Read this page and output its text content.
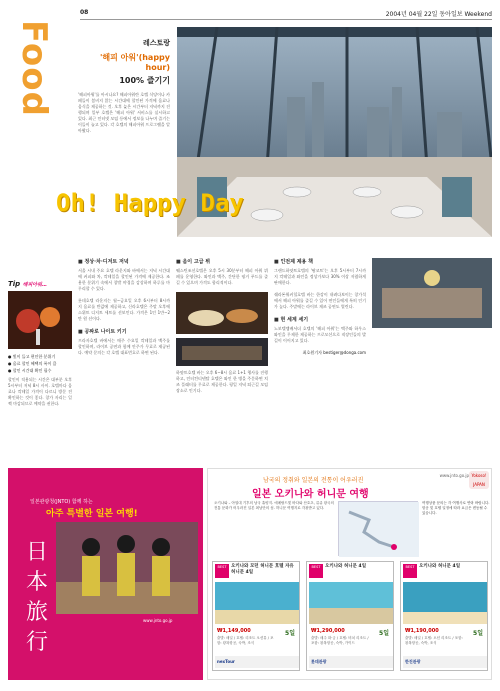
08	2004년 04월 22일 동아일보 Weekend
Food	레스토랑
'해피 아워'(happy hour)
100% 즐기기
'해피아워'를 아시나요? 해피아워란 호텔 식당이나 카페들이 붐비지 않는 시간대에 할인된 가격에 음료나 음식을 제공하는 것. 오후 늦은 시간부터 저녁까지 진행되며 일부 호텔은 '해피 아워' 서비스를 실시하고 있다. 최근 인터넷 모임 등에서 정보를 나누며 즐기는 이들이 늘고 있다. 각 호텔의 해피아워 프로그램을 알아봤다.
Oh! Happy Day
Tip 해피아워…
● 빛이 들고 편안한 분위기
● 음료 할인 혜택의 폭이 큼
● 할인 시간대 확인 필수
할인이 적용되는 시간은 대부분 오후 5시부터 저녁 8시 사이. 호텔마다 음료나 칵테일 가격이 다르니 방문 전 확인하는 것이 좋다. 창가 자리는 일찍 마감되므로 예약을 권한다.
■ 정상·차·디저트 저녁
서울 시내 주요 호텔 라운지와 바에서는 저녁 시간대에 커피와 차, 칵테일을 할인된 가격에 제공한다. 조용한 분위기 속에서 창밖 야경을 감상하며 하루를 마무리할 수 있다.
롯데호텔 라운지는 월∼금요일 오후 6시부터 8시까지 음료를 반값에 제공하고, 신라호텔은 주말 오후에 스위트 디저트 세트를 선보인다. 가격은 1인 1만∼2만 원 선이다.
■ 공짜로 나이트 키기
프라자호텔 바에서는 매주 수요일 칵테일과 맥주를 할인하며, 라이브 공연과 함께 안주가 무료로 제공된다. 예약 문의는 각 호텔 대표번호로 하면 된다.
■ 음이 고급 뷔
웨스틴조선호텔은 오후 5시 30분부터 해피 아워 뷔페를 운영한다. 와인과 맥주, 간단한 핑거 푸드를 즐길 수 있으며 가격도 합리적이다.
하얏트호텔 바는 오후 6∼8시 음료 1+1 행사를 진행하고, 인터컨티넨탈 호텔은 와인 한 병을 주문하면 치즈 플래터를 무료로 제공한다. 평일 저녁 퇴근길 모임 장소로 인기다.
■ 인전제 제용 책
그랜드하얏트호텔의 '팜코트'는 오후 5시부터 7시까지 칵테일과 와인을 정상가보다 30% 이상 저렴하게 판매한다.
쉐라톤워커힐호텔 바는 한강이 내려다보이는 창가석에서 해피 아워를 즐길 수 있어 연인들에게 특히 인기가 높다. 주말에는 라이브 재즈 공연도 열린다.
■ 현 세계 세기
노보텔앰배서더 호텔의 '해피 아워'는 맥주와 하우스 와인을 무제한 제공하는 프로모션으로 직장인들의 발길이 이어지고 있다.
최호원기자 bestiger@donga.com
일본관광청(JNTO) 함께 하는
아주 특별한 일본 여행!
日
本
旅
行
www.jnto.go.jp
남국의 정취와 일본의 전통이 어우러진
일본 오키나와 허니문 여행
www.jnto.go.jp Yokoso! JAPAN
오키나와 – 아열대 기후의 남국 휴양지. 에메랄드빛 바다와 산호초, 류큐 왕국의 전통 문화가 어우러진 일본 최남단의 섬. 허니문 여행지로 각광받고 있다.
여행상품 문의는 각 여행사로 연락 바랍니다. 항공 및 호텔 일정에 따라 요금은 변동될 수 있습니다.
BEST	오키나와 모던 허니문 호텔 자유 허니문 4일
₩1,149,000	5일
출발: 매일 / 호텔: 리조트 오션뷰 / 포함: 왕복항공, 숙박, 조식
nexTour
BEST	오키나와 허니문 4일
₩1,290,000	5일
출발: 매주 화·금 / 호텔: 비치 리조트 / 포함: 왕복항공, 숙박, 가이드
롯데관광
BEST	오키나와 허니문 4일
₩1,190,000	5일
출발: 매일 / 호텔: 오션 리조트 / 포함: 왕복항공, 숙박, 조식
한진관광
